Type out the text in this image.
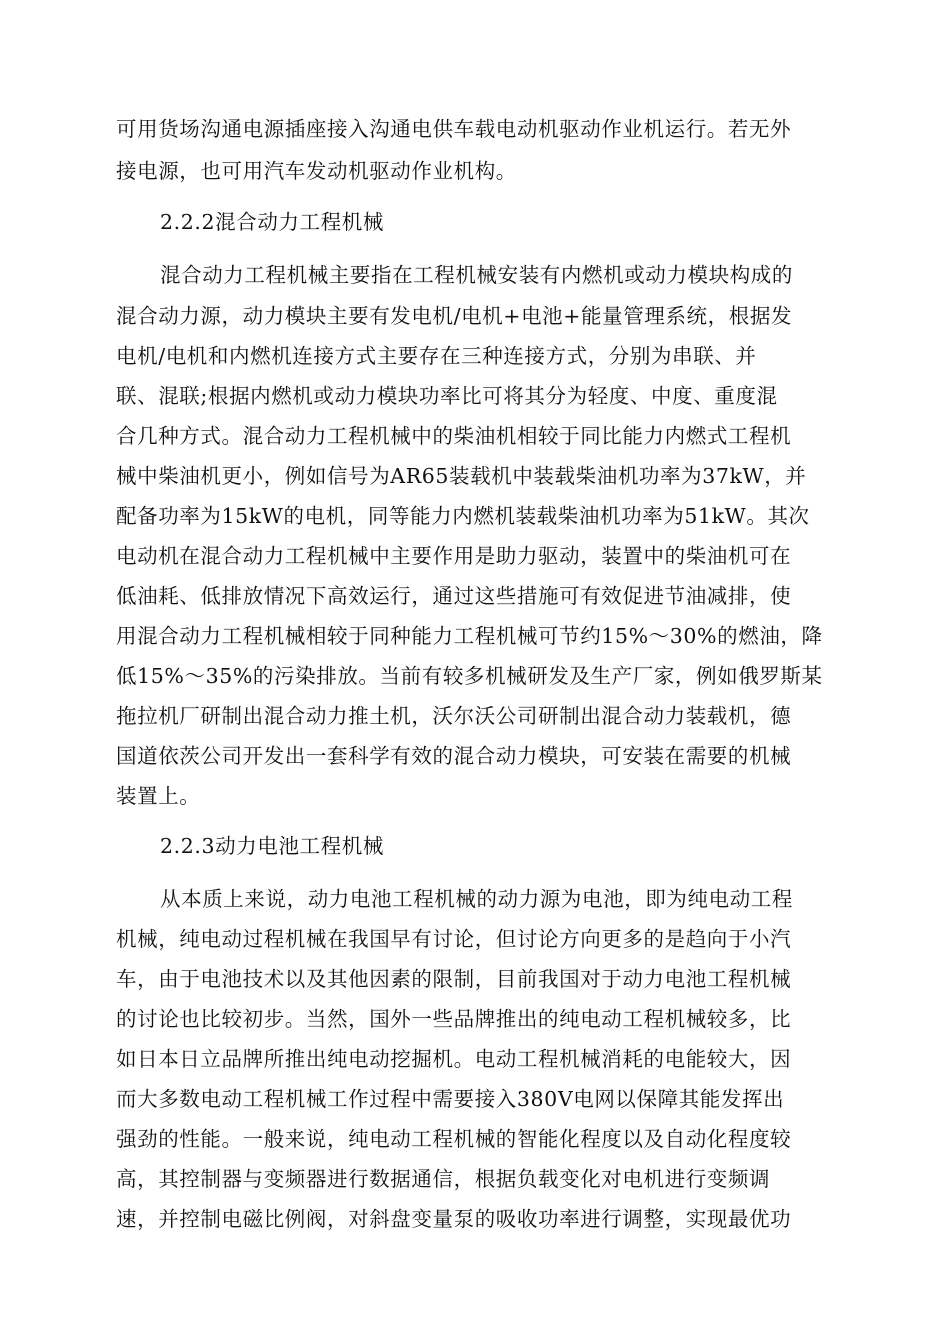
可用货场沟通电源插座接入沟通电供车载电动机驱动作业机运行。若无外
接电源，也可用汽车发动机驱动作业机构。
2.2.2混合动力工程机械
混合动力工程机械主要指在工程机械安装有内燃机或动力模块构成的
混合动力源，动力模块主要有发电机/电机+电池+能量管理系统，根据发
电机/电机和内燃机连接方式主要存在三种连接方式，分别为串联、并
联、混联;根据内燃机或动力模块功率比可将其分为轻度、中度、重度混
合几种方式。混合动力工程机械中的柴油机相较于同比能力内燃式工程机
械中柴油机更小，例如信号为AR65装载机中装载柴油机功率为37kW，并
配备功率为15kW的电机，同等能力内燃机装载柴油机功率为51kW。其次
电动机在混合动力工程机械中主要作用是助力驱动，装置中的柴油机可在
低油耗、低排放情况下高效运行，通过这些措施可有效促进节油减排，使
用混合动力工程机械相较于同种能力工程机械可节约15%～30%的燃油，降
低15%～35%的污染排放。当前有较多机械研发及生产厂家，例如俄罗斯某
拖拉机厂研制出混合动力推土机，沃尔沃公司研制出混合动力装载机，德
国道依茨公司开发出一套科学有效的混合动力模块，可安装在需要的机械
装置上。
2.2.3动力电池工程机械
从本质上来说，动力电池工程机械的动力源为电池，即为纯电动工程
机械，纯电动过程机械在我国早有讨论，但讨论方向更多的是趋向于小汽
车，由于电池技术以及其他因素的限制，目前我国对于动力电池工程机械
的讨论也比较初步。当然，国外一些品牌推出的纯电动工程机械较多，比
如日本日立品牌所推出纯电动挖掘机。电动工程机械消耗的电能较大，因
而大多数电动工程机械工作过程中需要接入380V电网以保障其能发挥出
强劲的性能。一般来说，纯电动工程机械的智能化程度以及自动化程度较
高，其控制器与变频器进行数据通信，根据负载变化对电机进行变频调
速，并控制电磁比例阀，对斜盘变量泵的吸收功率进行调整，实现最优功
